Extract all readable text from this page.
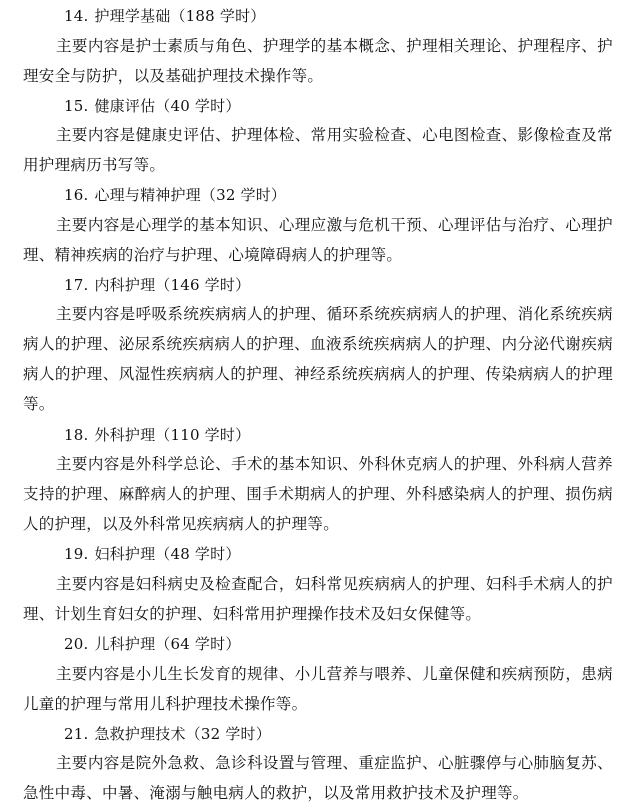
14. 护理学基础（188 学时）
主要内容是护士素质与角色、护理学的基本概念、护理相关理论、护理程序、护理安全与防护，以及基础护理技术操作等。
15. 健康评估（40 学时）
主要内容是健康史评估、护理体检、常用实验检查、心电图检查、影像检查及常用护理病历书写等。
16. 心理与精神护理（32 学时）
主要内容是心理学的基本知识、心理应激与危机干预、心理评估与治疗、心理护理、精神疾病的治疗与护理、心境障碍病人的护理等。
17. 内科护理（146 学时）
主要内容是呼吸系统疾病病人的护理、循环系统疾病病人的护理、消化系统疾病病人的护理、泌尿系统疾病病人的护理、血液系统疾病病人的护理、内分泌代谢疾病病人的护理、风湿性疾病病人的护理、神经系统疾病病人的护理、传染病病人的护理等。
18. 外科护理（110 学时）
主要内容是外科学总论、手术的基本知识、外科休克病人的护理、外科病人营养支持的护理、麻醉病人的护理、围手术期病人的护理、外科感染病人的护理、损伤病人的护理，以及外科常见疾病病人的护理等。
19. 妇科护理（48 学时）
主要内容是妇科病史及检查配合，妇科常见疾病病人的护理、妇科手术病人的护理、计划生育妇女的护理、妇科常用护理操作技术及妇女保健等。
20. 儿科护理（64 学时）
主要内容是小儿生长发育的规律、小儿营养与喂养、儿童保健和疾病预防，患病儿童的护理与常用儿科护理技术操作等。
21. 急救护理技术（32 学时）
主要内容是院外急救、急诊科设置与管理、重症监护、心脏骤停与心肺脑复苏、急性中毒、中暑、淹溺与触电病人的救护，以及常用救护技术及护理等。
